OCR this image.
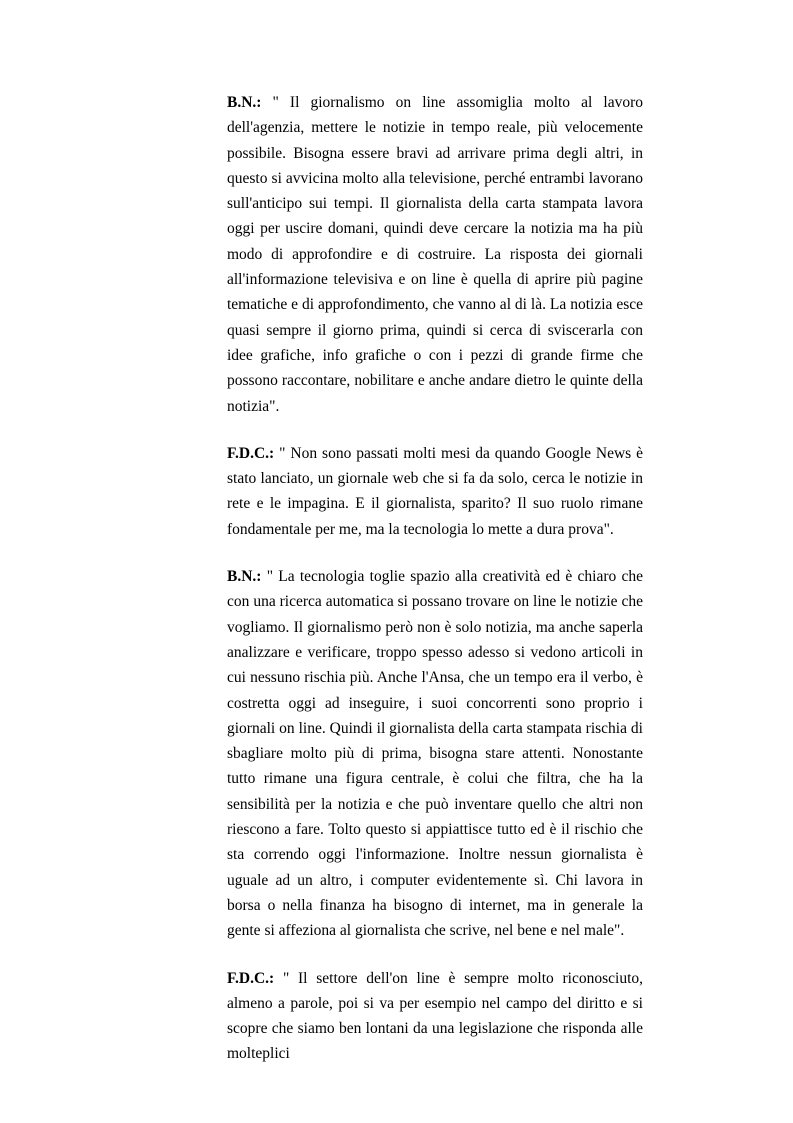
B.N.: " Il giornalismo on line assomiglia molto al lavoro dell'agenzia, mettere le notizie in tempo reale, più velocemente possibile. Bisogna essere bravi ad arrivare prima degli altri, in questo si avvicina molto alla televisione, perché entrambi lavorano sull'anticipo sui tempi. Il giornalista della carta stampata lavora oggi per uscire domani, quindi deve cercare la notizia ma ha più modo di approfondire e di costruire. La risposta dei giornali all'informazione televisiva e on line è quella di aprire più pagine tematiche e di approfondimento, che vanno al di là. La notizia esce quasi sempre il giorno prima, quindi si cerca di sviscerarla con idee grafiche, info grafiche o con i pezzi di grande firme che possono raccontare, nobilitare e anche andare dietro le quinte della notizia".

F.D.C.: " Non sono passati molti mesi da quando Google News è stato lanciato, un giornale web che si fa da solo, cerca le notizie in rete e le impagina. E il giornalista, sparito? Il suo ruolo rimane fondamentale per me, ma la tecnologia lo mette a dura prova".

B.N.: " La tecnologia toglie spazio alla creatività ed è chiaro che con una ricerca automatica si possano trovare on line le notizie che vogliamo. Il giornalismo però non è solo notizia, ma anche saperla analizzare e verificare, troppo spesso adesso si vedono articoli in cui nessuno rischia più. Anche l'Ansa, che un tempo era il verbo, è costretta oggi ad inseguire, i suoi concorrenti sono proprio i giornali on line. Quindi il giornalista della carta stampata rischia di sbagliare molto più di prima, bisogna stare attenti. Nonostante tutto rimane una figura centrale, è colui che filtra, che ha la sensibilità per la notizia e che può inventare quello che altri non riescono a fare. Tolto questo si appiattisce tutto ed è il rischio che sta correndo oggi l'informazione. Inoltre nessun giornalista è uguale ad un altro, i computer evidentemente sì. Chi lavora in borsa o nella finanza ha bisogno di internet, ma in generale la gente si affeziona al giornalista che scrive, nel bene e nel male".

F.D.C.: " Il settore dell'on line è sempre molto riconosciuto, almeno a parole, poi si va per esempio nel campo del diritto e si scopre che siamo ben lontani da una legislazione che risponda alle molteplici
